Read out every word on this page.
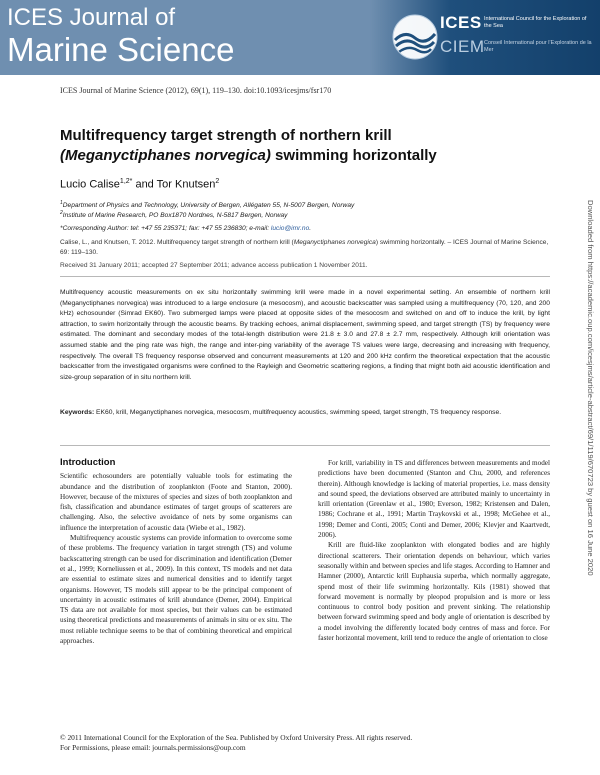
ICES Journal of
Marine Science
ICES
CIEM
International Council for the Exploration of the Sea
Conseil International pour l’Exploration de la Mer
ICES Journal of Marine Science (2012), 69(1), 119–130. doi:10.1093/icesjms/fsr170
Downloaded from https://academic.oup.com/icesjms/article-abstract/69/1/119/670723 by guest on 16 June 2020
Multifrequency target strength of northern krill
(Meganyctiphanes norvegica) swimming horizontally
Lucio Calise$^{1,2*}$ and Tor Knutsen$^2$
$^1$Department of Physics and Technology, University of Bergen, Allégaten 55, N-5007 Bergen, Norway
$^2$Institute of Marine Research, PO Box1870 Nordnes, N-5817 Bergen, Norway
*Corresponding Author: tel: +47 55 235371; fax: +47 55 236830; e-mail: lucio@imr.no.
Calise, L., and Knutsen, T. 2012. Multifrequency target strength of northern krill (Meganyctiphanes norvegica) swimming horizontally. – ICES Journal of Marine Science, 69: 119–130.
Received 31 January 2011; accepted 27 September 2011; advance access publication 1 November 2011.
Multifrequency acoustic measurements on ex situ horizontally swimming krill were made in a novel experimental setting. An ensemble of northern krill (Meganyctiphanes norvegica) was introduced to a large enclosure (a mesocosm), and acoustic backscatter was sampled using a multifrequency (70, 120, and 200 kHz) echosounder (Simrad EK60). Two submerged lamps were placed at opposite sides of the mesocosm and switched on and off to induce the krill, by light attraction, to swim horizontally through the acoustic beams. By tracking echoes, animal displacement, swimming speed, and target strength (TS) by frequency were estimated. The dominant and secondary modes of the total-length distribution were 21.8 ± 3.0 and 27.8 ± 2.7 mm, respectively. Although krill orientation was assumed stable and the ping rate was high, the range and inter-ping variability of the average TS values were large, decreasing and increasing with frequency, respectively. The overall TS frequency response observed and concurrent measurements at 120 and 200 kHz confirm the theoretical expectation that the acoustic backscatter from the investigated organisms were confined to the Rayleigh and Geometric scattering regions, a finding that might both aid acoustic identification and size-group separation of in situ northern krill.
Keywords: EK60, krill, Meganyctiphanes norvegica, mesocosm, multifrequency acoustics, swimming speed, target strength, TS frequency response.
Introduction

Scientific echosounders are potentially valuable tools for estimating the abundance and the distribution of zooplankton (Foote and Stanton, 2000). However, because of the mixtures of species and sizes of both zooplankton and fish, classification and abundance estimates of target groups of scatterers are challenging. Also, the selective avoidance of nets by some organisms can influence the interpretation of acoustic data (Wiebe et al., 1982).

Multifrequency acoustic systems can provide information to overcome some of these problems. The frequency variation in target strength (TS) and volume backscattering strength can be used for discrimination and identification (Demer et al., 1999; Korneliussen et al., 2009). In this context, TS models and net data are essential to estimate sizes and numerical densities and to identify target organisms. However, TS models still appear to be the principal component of uncertainty in acoustic estimates of krill abundance (Demer, 2004). Empirical TS data are not available for most species, but their values can be estimated using theoretical predictions and measurements of animals in situ or ex situ. The most reliable technique seems to be that of combining theoretical and empirical approaches.

For krill, variability in TS and differences between measurements and model predictions have been documented (Stanton and Chu, 2000, and references therein). Although knowledge is lacking of material properties, i.e. mass density and sound speed, the deviations observed are attributed mainly to uncertainty in krill orientation (Greenlaw et al., 1980; Everson, 1982; Kristensen and Dalen, 1986; Cochrane et al., 1991; Martin Traykovski et al., 1998; McGehee et al., 1998; Demer and Conti, 2005; Conti and Demer, 2006; Klevjer and Kaartvedt, 2006).

Krill are fluid-like zooplankton with elongated bodies and are highly directional scatterers. Their orientation depends on behaviour, which varies seasonally within and between species and life stages. According to Hamner and Hamner (2000), Antarctic krill Euphausia superba, which normally aggregate, spend most of their life swimming horizontally. Kils (1981) showed that forward movement is normally by pleopod propulsion and is more or less continuous to control body position and prevent sinking. The relationship between forward swimming speed and body angle of orientation is described by a model involving the differently located body centres of mass and force. For faster horizontal movement, krill tend to reduce the angle of orientation to close

© 2011 International Council for the Exploration of the Sea. Published by Oxford University Press. All rights reserved.
For Permissions, please email: journals.permissions@oup.com
